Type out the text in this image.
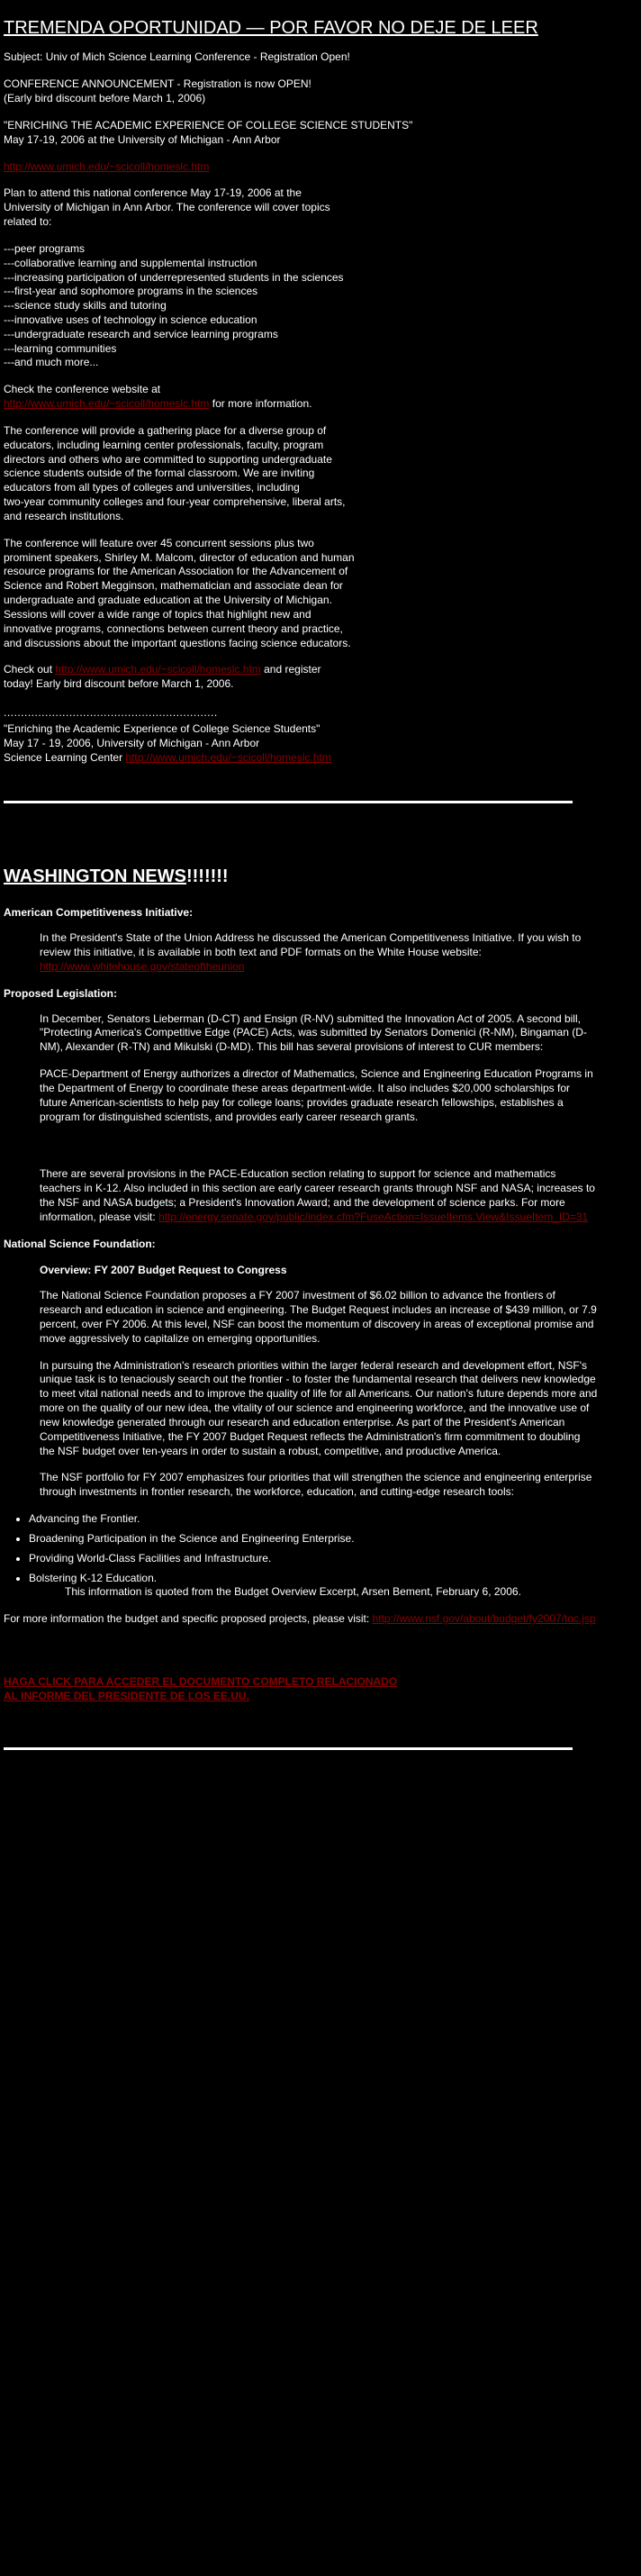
TREMENDA OPORTUNIDAD — POR FAVOR NO DEJE DE LEER

Subject: Univ of Mich Science Learning Conference - Registration Open!

CONFERENCE ANNOUNCEMENT - Registration is now OPEN!
(Early bird discount before March 1, 2006)
"ENRICHING THE ACADEMIC EXPERIENCE OF COLLEGE SCIENCE STUDENTS"
May 17-19, 2006 at the University of Michigan - Ann Arbor

http://www.umich.edu/~scicoll/homeslc.htm

Plan to attend this national conference May 17-19, 2006 at the
University of Michigan in Ann Arbor. The conference will cover topics
related to:
---peer programs
---collaborative learning and supplemental instruction
---increasing participation of underrepresented students in the sciences
---first-year and sophomore programs in the sciences
---science study skills and tutoring
---innovative uses of technology in science education
---undergraduate research and service learning programs
---learning communities
---and much more...
Check the conference website at
http://www.umich.edu/~scicoll/homeslc.htm for more information.
The conference will provide a gathering place for a diverse group of
educators, including learning center professionals, faculty, program
directors and others who are committed to supporting undergraduate
science students outside of the formal classroom. We are inviting
educators from all types of colleges and universities, including
two-year community colleges and four-year comprehensive, liberal arts,
and research institutions.
The conference will feature over 45 concurrent sessions plus two
prominent speakers, Shirley M. Malcom, director of education and human
resource programs for the American Association for the Advancement of
Science and Robert Megginson, mathematician and associate dean for
undergraduate and graduate education at the University of Michigan.
Sessions will cover a wide range of topics that highlight new and
innovative programs, connections between current theory and practice,
and discussions about the important questions facing science educators.
Check out http://www.umich.edu/~scicoll/homeslc.htm and register
today! Early bird discount before March 1, 2006.
..............................................................
"Enriching the Academic Experience of College Science Students"
May 17 - 19, 2006, University of Michigan - Ann Arbor
Science Learning Center http://www.umich.edu/~scicoll/homeslc.htm
WASHINGTON NEWS!!!!!!!
American Competitiveness Initiative:

In the President's State of the Union Address he discussed the American Competitiveness Initiative. If you wish to review this initiative, it is available in both text and PDF formats on the White House website: http://www.whitehouse.gov/stateoftheunion

Proposed Legislation:

In December, Senators Lieberman (D-CT) and Ensign (R-NV) submitted the Innovation Act of 2005. A second bill, "Protecting America's Competitive Edge (PACE) Acts, was submitted by Senators Domenici (R-NM), Bingaman (D-NM), Alexander (R-TN) and Mikulski (D-MD). This bill has several provisions of interest to CUR members:

PACE-Department of Energy authorizes a director of Mathematics, Science and Engineering Education Programs in the Department of Energy to coordinate these areas department-wide. It also includes $20,000 scholarships for future American-scientists to help pay for college loans; provides graduate research fellowships, establishes a program for distinguished scientists, and provides early career research grants.

There are several provisions in the PACE-Education section relating to support for science and mathematics teachers in K-12. Also included in this section are early career research grants through NSF and NASA; increases to the NSF and NASA budgets; a President's Innovation Award; and the development of science parks. For more information, please visit: http://energy.senate.gov/public/index.cfm?FuseAction=IssueItems.View&IssueItem_ID=31

National Science Foundation:
Overview: FY 2007 Budget Request to Congress

The National Science Foundation proposes a FY 2007 investment of $6.02 billion to advance the frontiers of research and education in science and engineering. The Budget Request includes an increase of $439 million, or 7.9 percent, over FY 2006. At this level, NSF can boost the momentum of discovery in areas of exceptional promise and move aggressively to capitalize on emerging opportunities.

In pursuing the Administration's research priorities within the larger federal research and development effort, NSF's unique task is to tenaciously search out the frontier - to foster the fundamental research that delivers new knowledge to meet vital national needs and to improve the quality of life for all Americans. Our nation's future depends more and more on the quality of our new idea, the vitality of our science and engineering workforce, and the innovative use of new knowledge generated through our research and education enterprise. As part of the President's American Competitiveness Initiative, the FY 2007 Budget Request reflects the Administration's firm commitment to doubling the NSF budget over ten-years in order to sustain a robust, competitive, and productive America.

The NSF portfolio for FY 2007 emphasizes four priorities that will strengthen the science and engineering enterprise through investments in frontier research, the workforce, education, and cutting-edge research tools:

• Advancing the Frontier.
• Broadening Participation in the Science and Engineering Enterprise.
• Providing World-Class Facilities and Infrastructure.
• Bolstering K-12 Education.
This information is quoted from the Budget Overview Excerpt, Arsen Bement, February 6, 2006.

For more information the budget and specific proposed projects, please visit: http://www.nsf.gov/about/budget/fy2007/toc.jsp

HAGA CLICK PARA ACCEDER EL DOCUMENTO COMPLETO RELACIONADO
AL INFORME DEL PRESIDENTE DE LOS EE.UU.
